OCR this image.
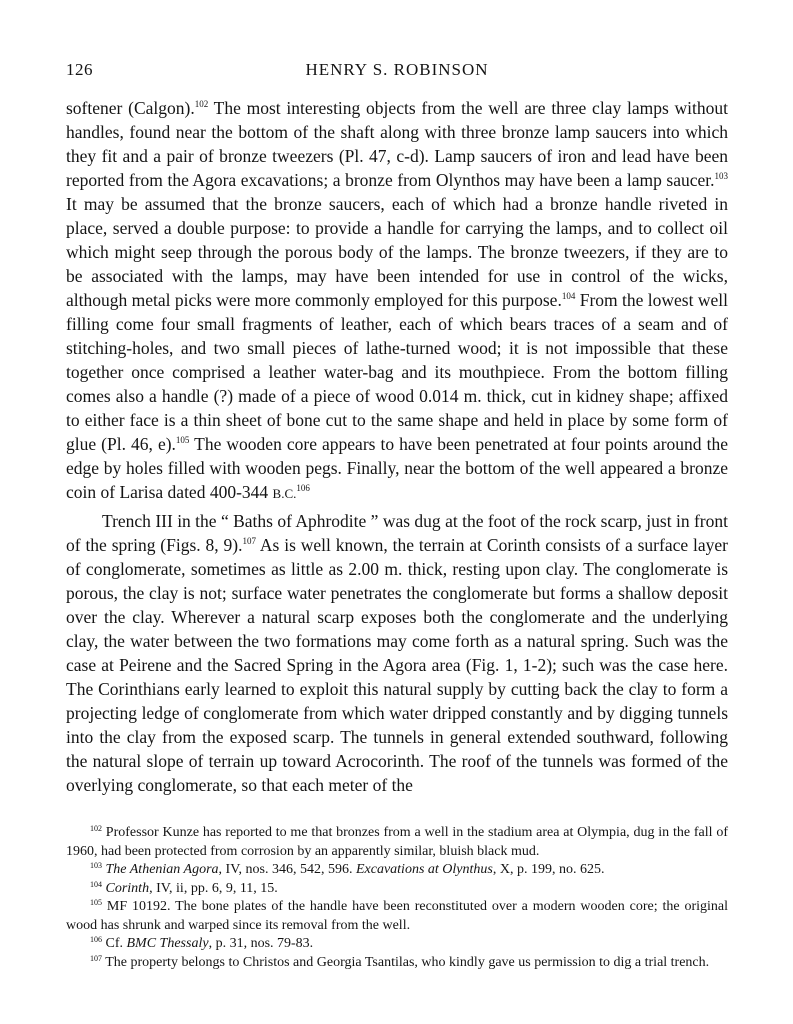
126	HENRY S. ROBINSON

softener (Calgon).$^{102}$ The most interesting objects from the well are three clay lamps without handles, found near the bottom of the shaft along with three bronze lamp saucers into which they fit and a pair of bronze tweezers (Pl. 47, c-d). Lamp saucers of iron and lead have been reported from the Agora excavations; a bronze from Olynthos may have been a lamp saucer.$^{103}$ It may be assumed that the bronze saucers, each of which had a bronze handle riveted in place, served a double purpose: to provide a handle for carrying the lamps, and to collect oil which might seep through the porous body of the lamps. The bronze tweezers, if they are to be associated with the lamps, may have been intended for use in control of the wicks, although metal picks were more commonly employed for this purpose.$^{104}$ From the lowest well filling come four small fragments of leather, each of which bears traces of a seam and of stitching-holes, and two small pieces of lathe-turned wood; it is not impossible that these together once comprised a leather water-bag and its mouthpiece. From the bottom filling comes also a handle (?) made of a piece of wood 0.014 m. thick, cut in kidney shape; affixed to either face is a thin sheet of bone cut to the same shape and held in place by some form of glue (Pl. 46, e).$^{105}$ The wooden core appears to have been penetrated at four points around the edge by holes filled with wooden pegs. Finally, near the bottom of the well appeared a bronze coin of Larisa dated 400-344 B.C.$^{106}$

Trench III in the “ Baths of Aphrodite ” was dug at the foot of the rock scarp, just in front of the spring (Figs. 8, 9).$^{107}$ As is well known, the terrain at Corinth consists of a surface layer of conglomerate, sometimes as little as 2.00 m. thick, resting upon clay. The conglomerate is porous, the clay is not; surface water penetrates the conglomerate but forms a shallow deposit over the clay. Wherever a natural scarp exposes both the conglomerate and the underlying clay, the water between the two formations may come forth as a natural spring. Such was the case at Peirene and the Sacred Spring in the Agora area (Fig. 1, 1-2); such was the case here. The Corinthians early learned to exploit this natural supply by cutting back the clay to form a projecting ledge of conglomerate from which water dripped constantly and by digging tunnels into the clay from the exposed scarp. The tunnels in general extended southward, following the natural slope of terrain up toward Acrocorinth. The roof of the tunnels was formed of the overlying conglomerate, so that each meter of the

$^{102}$ Professor Kunze has reported to me that bronzes from a well in the stadium area at Olympia, dug in the fall of 1960, had been protected from corrosion by an apparently similar, bluish black mud.

$^{103}$ The Athenian Agora, IV, nos. 346, 542, 596. Excavations at Olynthus, X, p. 199, no. 625.

$^{104}$ Corinth, IV, ii, pp. 6, 9, 11, 15.

$^{105}$ MF 10192. The bone plates of the handle have been reconstituted over a modern wooden core; the original wood has shrunk and warped since its removal from the well.

$^{106}$ Cf. BMC Thessaly, p. 31, nos. 79-83.

$^{107}$ The property belongs to Christos and Georgia Tsantilas, who kindly gave us permission to dig a trial trench.
